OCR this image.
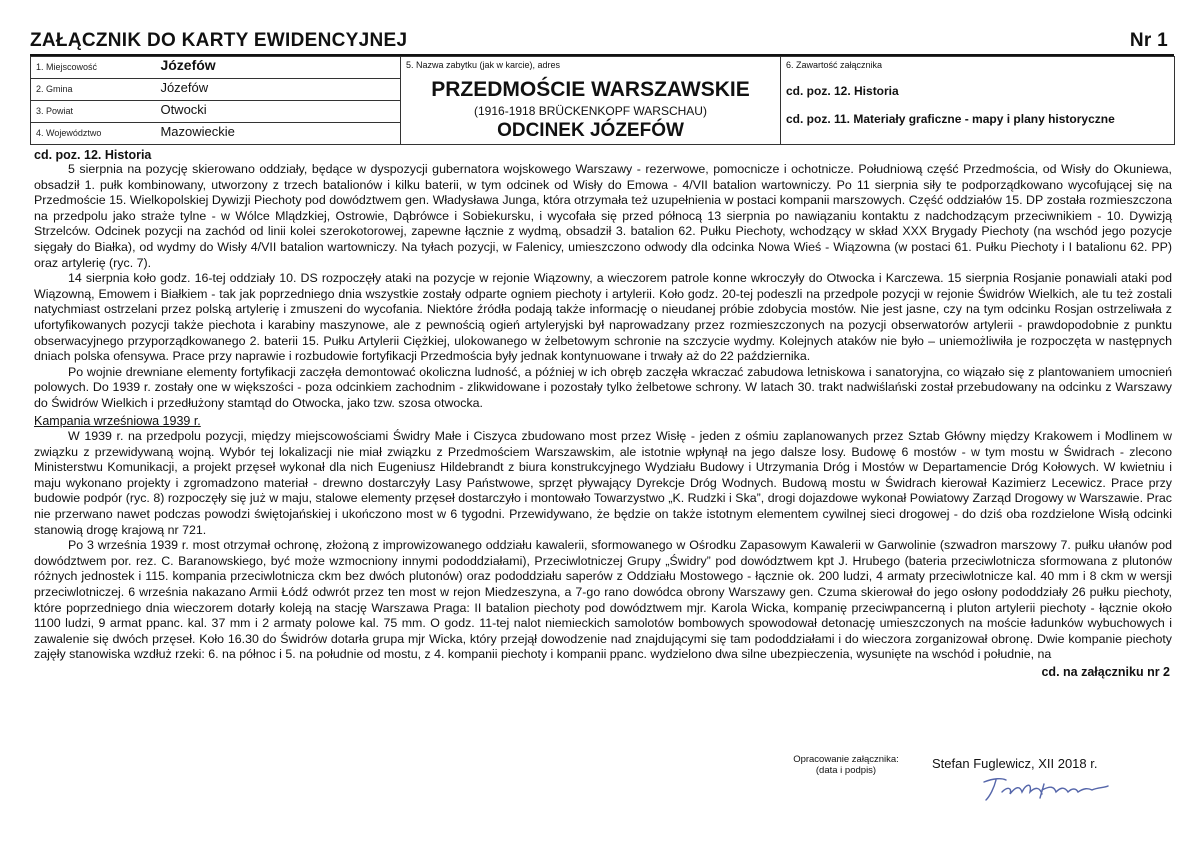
ZAŁĄCZNIK DO KARTY EWIDENCYJNEJ	Nr 1
1. Miejscowość	Józefów	5. Nazwa zabytku (jak w karcie), adres
PRZEDMOŚCIE WARSZAWSKIE
(1916-1918 BRÜCKENKOPF WARSCHAU)
ODCINEK JÓZEFÓW

6. Zawartość załącznika
cd. poz. 12. Historia
cd. poz. 11. Materiały graficzne - mapy i plany historyczne

2. Gmina	Józefów
3. Powiat	Otwocki
4. Województwo	Mazowieckie
cd. poz. 12. Historia

5 sierpnia na pozycję skierowano oddziały, będące w dyspozycji gubernatora wojskowego Warszawy - rezerwowe, pomocnicze i ochotnicze. Południową część Przedmościa, od Wisły do Okuniewa, obsadził 1. pułk kombinowany, utworzony z trzech batalionów i kilku baterii, w tym odcinek od Wisły do Emowa - 4/VII batalion wartowniczy. Po 11 sierpnia siły te podporządkowano wycofującej się na Przedmoście 15. Wielkopolskiej Dywizji Piechoty pod dowództwem gen. Władysława Junga, która otrzymała też uzupełnienia w postaci kompanii marszowych. Część oddziałów 15. DP została rozmieszczona na przedpolu jako straże tylne - w Wólce Mlądzkiej, Ostrowie, Dąbrówce i Sobiekursku, i wycofała się przed północą 13 sierpnia po nawiązaniu kontaktu z nadchodzącym przeciwnikiem - 10. Dywizją Strzelców. Odcinek pozycji na zachód od linii kolei szerokotorowej, zapewne łącznie z wydmą, obsadził 3. batalion 62. Pułku Piechoty, wchodzący w skład XXX Brygady Piechoty (na wschód jego pozycje sięgały do Białka), od wydmy do Wisły 4/VII batalion wartowniczy. Na tyłach pozycji, w Falenicy, umieszczono odwody dla odcinka Nowa Wieś - Wiązowna (w postaci 61. Pułku Piechoty i I batalionu 62. PP) oraz artylerię (ryc. 7).

14 sierpnia koło godz. 16-tej oddziały 10. DS rozpoczęły ataki na pozycje w rejonie Wiązowny, a wieczorem patrole konne wkroczyły do Otwocka i Karczewa. 15 sierpnia Rosjanie ponawiali ataki pod Wiązowną, Emowem i Białkiem - tak jak poprzedniego dnia wszystkie zostały odparte ogniem piechoty i artylerii. Koło godz. 20-tej podeszli na przedpole pozycji w rejonie Świdrów Wielkich, ale tu też zostali natychmiast ostrzelani przez polską artylerię i zmuszeni do wycofania. Niektóre źródła podają także informację o nieudanej próbie zdobycia mostów. Nie jest jasne, czy na tym odcinku Rosjan ostrzeliwała z ufortyfikowanych pozycji także piechota i karabiny maszynowe, ale z pewnością ogień artyleryjski był naprowadzany przez rozmieszczonych na pozycji obserwatorów artylerii - prawdopodobnie z punktu obserwacyjnego przyporządkowanego 2. baterii 15. Pułku Artylerii Ciężkiej, ulokowanego w żelbetowym schronie na szczycie wydmy. Kolejnych ataków nie było – uniemożliwiła je rozpoczęta w następnych dniach polska ofensywa. Prace przy naprawie i rozbudowie fortyfikacji Przedmościa były jednak kontynuowane i trwały aż do 22 października.

Po wojnie drewniane elementy fortyfikacji zaczęła demontować okoliczna ludność, a później w ich obręb zaczęła wkraczać zabudowa letniskowa i sanatoryjna, co wiązało się z plantowaniem umocnień polowych. Do 1939 r. zostały one w większości - poza odcinkiem zachodnim - zlikwidowane i pozostały tylko żelbetowe schrony. W latach 30. trakt nadwiślański został przebudowany na odcinku z Warszawy do Świdrów Wielkich i przedłużony stamtąd do Otwocka, jako tzw. szosa otwocka.

Kampania wrześniowa 1939 r.

W 1939 r. na przedpolu pozycji, między miejscowościami Świdry Małe i Ciszyca zbudowano most przez Wisłę - jeden z ośmiu zaplanowanych przez Sztab Główny między Krakowem i Modlinem w związku z przewidywaną wojną. Wybór tej lokalizacji nie miał związku z Przedmościem Warszawskim, ale istotnie wpłynął na jego dalsze losy. Budowę 6 mostów - w tym mostu w Świdrach - zlecono Ministerstwu Komunikacji, a projekt przęseł wykonał dla nich Eugeniusz Hildebrandt z biura konstrukcyjnego Wydziału Budowy i Utrzymania Dróg i Mostów w Departamencie Dróg Kołowych. W kwietniu i maju wykonano projekty i zgromadzono materiał - drewno dostarczyły Lasy Państwowe, sprzęt pływający Dyrekcje Dróg Wodnych. Budową mostu w Świdrach kierował Kazimierz Lecewicz. Prace przy budowie podpór (ryc. 8) rozpoczęły się już w maju, stalowe elementy przęseł dostarczyło i montowało Towarzystwo „K. Rudzki i Ska”, drogi dojazdowe wykonał Powiatowy Zarząd Drogowy w Warszawie. Prac nie przerwano nawet podczas powodzi świętojańskiej i ukończono most w 6 tygodni. Przewidywano, że będzie on także istotnym elementem cywilnej sieci drogowej - do dziś oba rozdzielone Wisłą odcinki stanowią drogę krajową nr 721.

Po 3 września 1939 r. most otrzymał ochronę, złożoną z improwizowanego oddziału kawalerii, sformowanego w Ośrodku Zapasowym Kawalerii w Garwolinie (szwadron marszowy 7. pułku ułanów pod dowództwem por. rez. C. Baranowskiego, być może wzmocniony innymi pododdziałami), Przeciwlotniczej Grupy „Świdry” pod dowództwem kpt J. Hrubego (bateria przeciwlotnicza sformowana z plutonów różnych jednostek i 115. kompania przeciwlotnicza ckm bez dwóch plutonów) oraz pododdziału saperów z Oddziału Mostowego - łącznie ok. 200 ludzi, 4 armaty przeciwlotnicze kal. 40 mm i 8 ckm w wersji przeciwlotniczej. 6 września nakazano Armii Łódź odwrót przez ten most w rejon Miedzeszyna, a 7-go rano dowódca obrony Warszawy gen. Czuma skierował do jego osłony pododdziały 26 pułku piechoty, które poprzedniego dnia wieczorem dotarły koleją na stację Warszawa Praga: II batalion piechoty pod dowództwem mjr. Karola Wicka, kompanię przeciwpancerną i pluton artylerii piechoty - łącznie około 1100 ludzi, 9 armat ppanc. kal. 37 mm i 2 armaty polowe kal. 75 mm. O godz. 11-tej nalot niemieckich samolotów bombowych spowodował detonację umieszczonych na moście ładunków wybuchowych i zawalenie się dwóch przęseł. Koło 16.30 do Świdrów dotarła grupa mjr Wicka, który przejął dowodzenie nad znajdującymi się tam pododdziałami i do wieczora zorganizował obronę. Dwie kompanie piechoty zajęły stanowiska wzdłuż rzeki: 6. na północ i 5. na południe od mostu, z 4. kompanii piechoty i kompanii ppanc. wydzielono dwa silne ubezpieczenia, wysunięte na wschód i południe, na

cd. na załączniku nr 2
Opracowanie załącznika:
(data i podpis)	Stefan Fuglewicz, XII 2018 r.
